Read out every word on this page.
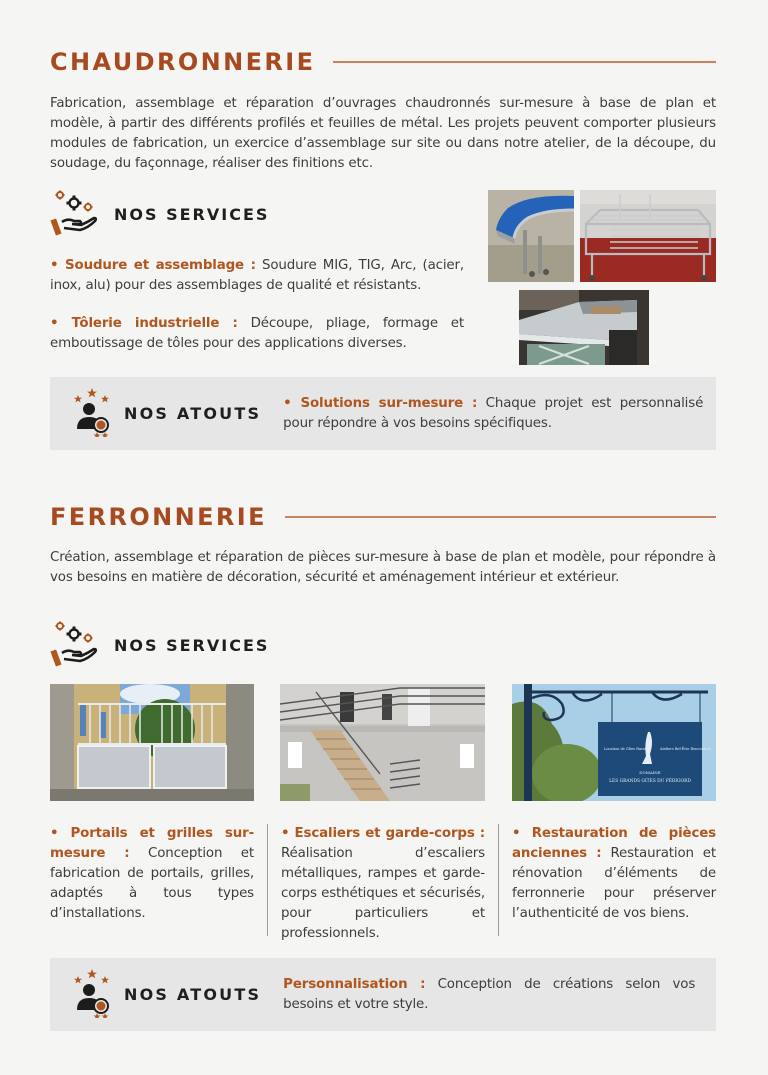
CHAUDRONNERIE

Fabrication, assemblage et réparation d’ouvrages chaudronnés sur-mesure à base de plan et modèle, à partir des différents profilés et feuilles de métal. Les projets peuvent comporter plusieurs modules de fabrication, un exercice d’assemblage sur site ou dans notre atelier, de la découpe, du soudage, du façonnage, réaliser des finitions etc.

NOS SERVICES

• Soudure et assemblage : Soudure MIG, TIG, Arc, (acier, inox, alu) pour des assemblages de qualité et résistants.

• Tôlerie industrielle : Découpe, pliage, formage et emboutissage de tôles pour des applications diverses.

NOS ATOUTS

• Solutions sur-mesure : Chaque projet est personnalisé pour répondre à vos besoins spécifiques.

FERRONNERIE

Création, assemblage et réparation de pièces sur-mesure à base de plan et modèle, pour répondre à vos besoins en matière de décoration, sécurité et aménagement intérieur et extérieur.

NOS SERVICES
Location de Gîtes Ruraux	Ateliers Bel-Être Rencontres
DOMAINE
LES GRANDS GITES DU PÉRIGORD

• Portails et grilles sur-mesure : Conception et fabrication de portails, grilles, adaptés à tous types d’installations.

• Escaliers et garde-corps : Réalisation d’escaliers métalliques, rampes et garde-corps esthétiques et sécurisés, pour particuliers et professionnels.

• Restauration de pièces anciennes : Restauration et rénovation d’éléments de ferronnerie pour préserver l’authenticité de vos biens.

NOS ATOUTS

Personnalisation : Conception de créations selon vos besoins et votre style.
